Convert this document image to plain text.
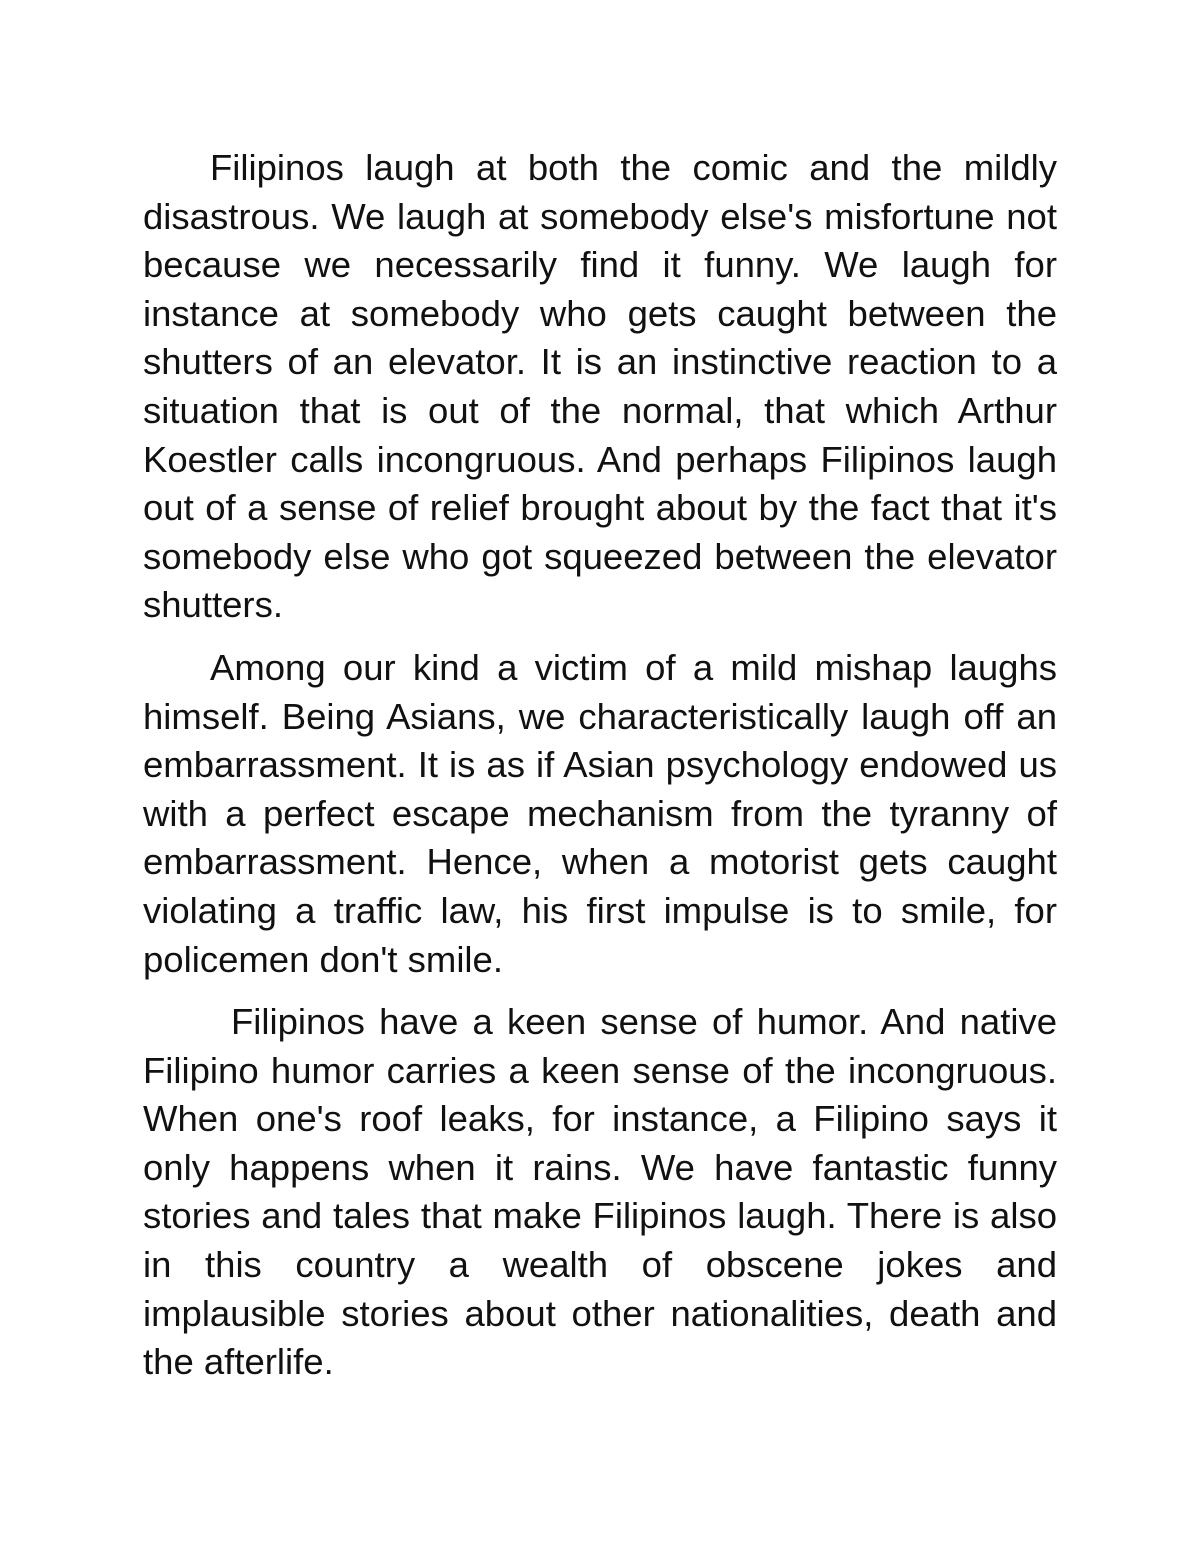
Filipinos laugh at both the comic and the mildly disastrous. We laugh at somebody else's misfortune not because we necessarily find it funny. We laugh for instance at somebody who gets caught between the shutters of an elevator. It is an instinctive reaction to a situation that is out of the normal, that which Arthur Koestler calls incongruous. And perhaps Filipinos laugh out of a sense of relief brought about by the fact that it's somebody else who got squeezed between the elevator shutters.

Among our kind a victim of a mild mishap laughs himself. Being Asians, we characteristically laugh off an embarrassment. It is as if Asian psychology endowed us with a perfect escape mechanism from the tyranny of embarrassment. Hence, when a motorist gets caught violating a traffic law, his first impulse is to smile, for policemen don't smile.

Filipinos have a keen sense of humor. And native Filipino humor carries a keen sense of the incongruous. When one's roof leaks, for instance, a Filipino says it only happens when it rains. We have fantastic funny stories and tales that make Filipinos laugh. There is also in this country a wealth of obscene jokes and implausible stories about other nationalities, death and the afterlife.
